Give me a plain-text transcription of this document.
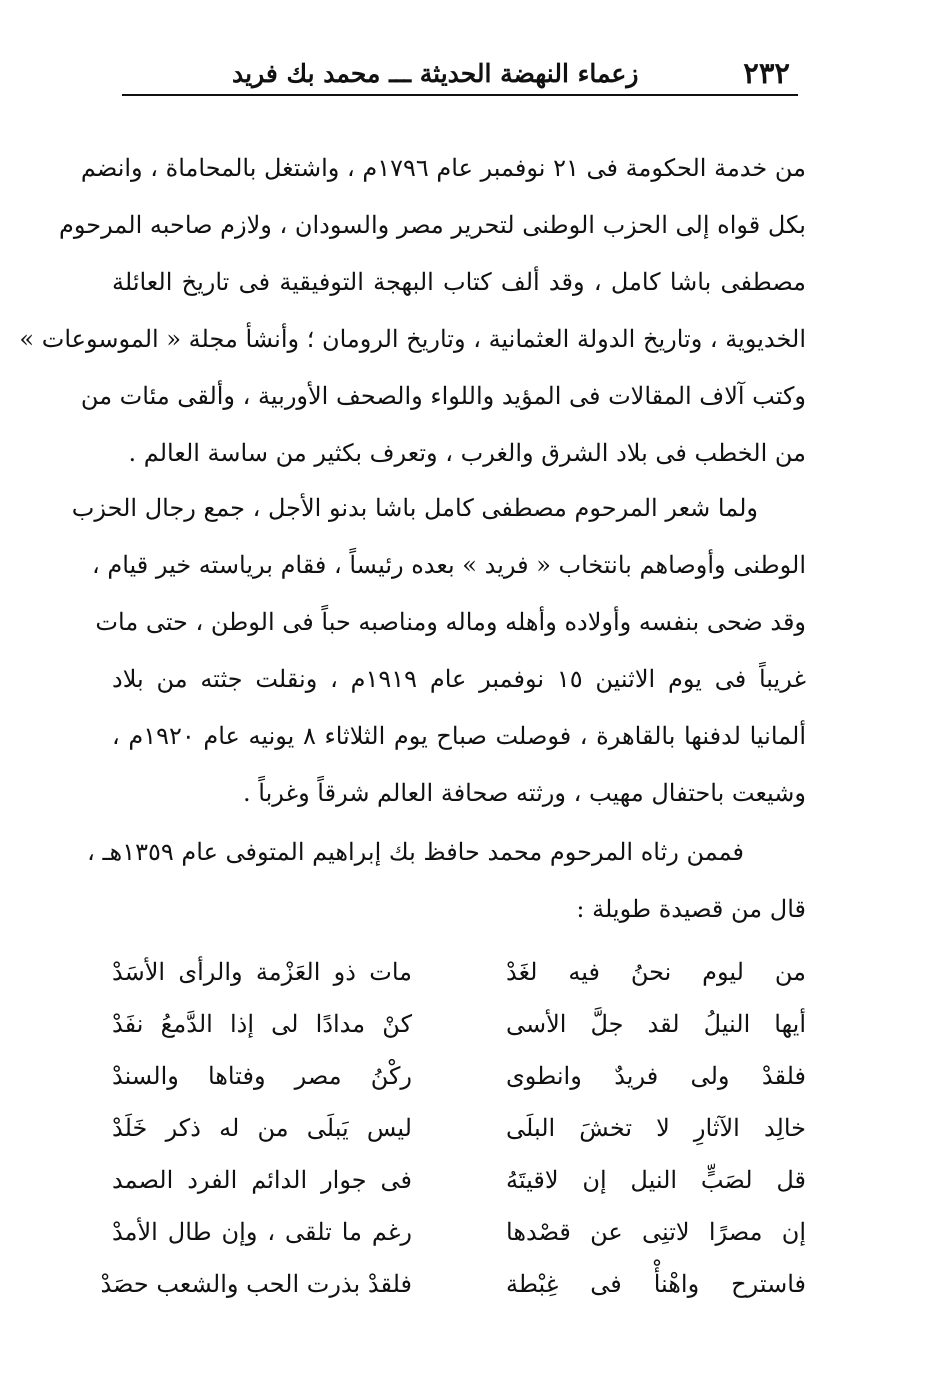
٢٣٢
زعماء النهضة الحديثة ـــ محمد بك فريد
من خدمة الحكومة فى ٢١ نوفمبر عام ١٧٩٦م ، واشتغل بالمحاماة ، وانضم
بكل قواه إلى الحزب الوطنى لتحرير مصر والسودان ، ولازم صاحبه المرحوم
مصطفى باشا كامل ، وقد ألف كتاب البهجة التوفيقية فى تاريخ العائلة
الخديوية ، وتاريخ الدولة العثمانية ، وتاريخ الرومان ؛ وأنشأ مجلة « الموسوعات »
وكتب آلاف المقالات فى المؤيد واللواء والصحف الأوربية ، وألقى مئات من
من الخطب فى بلاد الشرق والغرب ، وتعرف بكثير من ساسة العالم .
ولما شعر المرحوم مصطفى كامل باشا بدنو الأجل ، جمع رجال الحزب
الوطنى وأوصاهم بانتخاب « فريد » بعده رئيساً ، فقام برياسته خير قيام ،
وقد ضحى بنفسه وأولاده وأهله وماله ومناصبه حباً فى الوطن ، حتى مات
غريباً فى يوم الاثنين ١٥ نوفمبر عام ١٩١٩م ، ونقلت جثته من بلاد
ألمانيا لدفنها بالقاهرة ، فوصلت صباح يوم الثلاثاء ٨ يونيه عام ١٩٢٠م ،
وشيعت باحتفال مهيب ، ورثته صحافة العالم شرقاً وغرباً .
فممن رثاه المرحوم محمد حافظ بك إبراهيم المتوفى عام ١٣٥٩هـ ،
قال من قصيدة طويلة :
من ليوم نحنُ فيه لغَدْ
مات ذو العَزْمة والرأى الأسَدْ
أيها النيلُ لقد جلَّ الأسى
كنْ مدادًا لى إذا الدَّمعُ نفَدْ
فلقدْ ولى فريدٌ وانطوى
ركْنُ مصر وفتاها والسندْ
خالِد الآثارِ لا تخشَ البلَى
ليس يَبلَى من له ذكر خَلَدْ
قل لصَبٍّ النيل إن لاقيتَهُ
فى جوار الدائم الفرد الصمد
إن مصرًا لاتنِى عن قصْدها
رغم ما تلقى ، وإن طال الأمدْ
فاسترح واهْنأْ فى غِبْطة
فلقدْ بذرت الحب والشعب حصَدْ
